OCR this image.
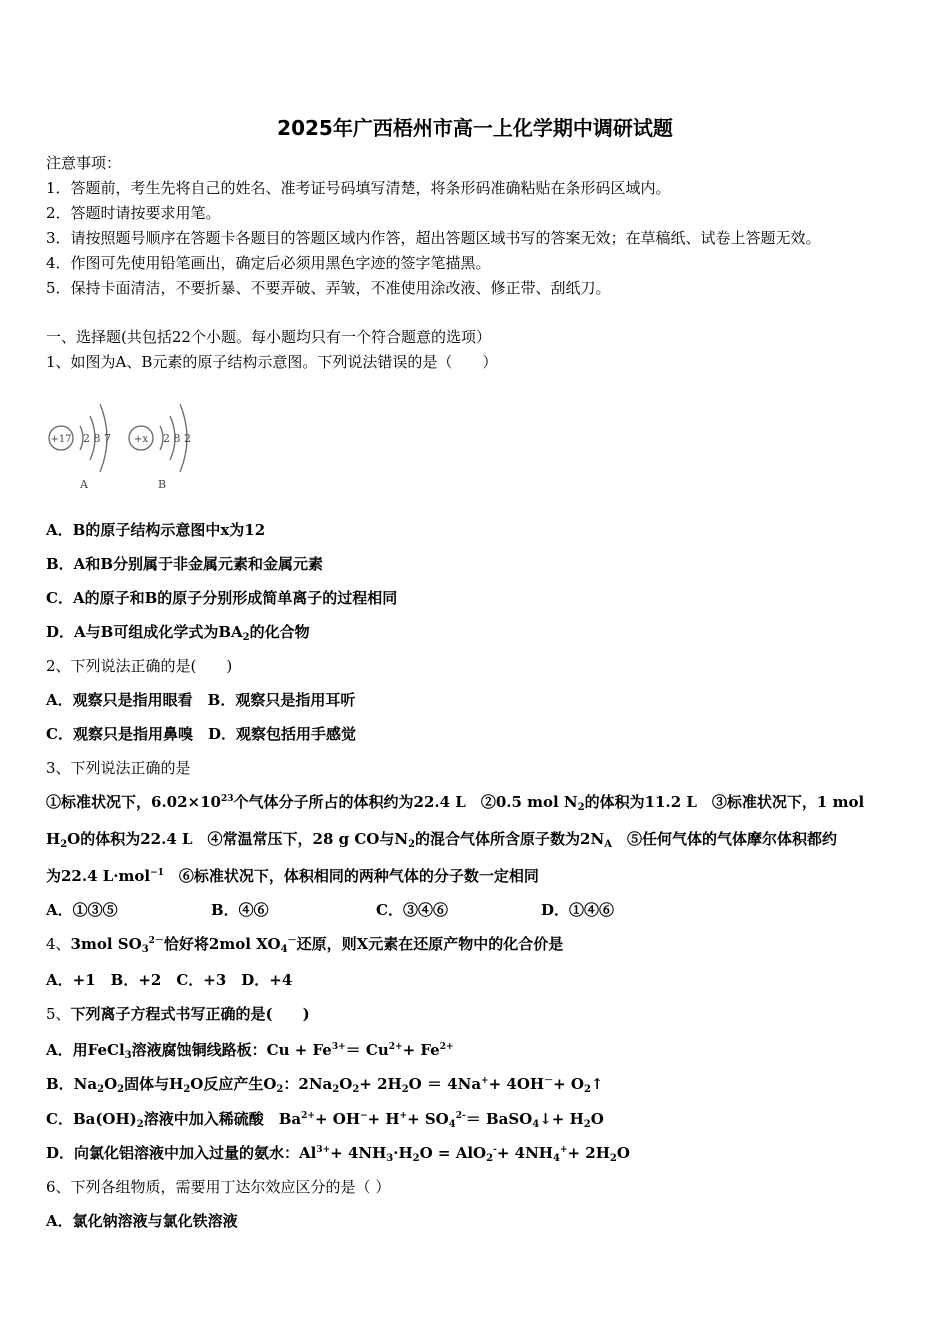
2025年广西梧州市高一上化学期中调研试题
注意事项：
1．答题前，考生先将自己的姓名、准考证号码填写清楚，将条形码准确粘贴在条形码区域内。
2．答题时请按要求用笔。
3．请按照题号顺序在答题卡各题目的答题区域内作答，超出答题区域书写的答案无效；在草稿纸、试卷上答题无效。
4．作图可先使用铅笔画出，确定后必须用黑色字迹的签字笔描黑。
5．保持卡面清洁，不要折暴、不要弄破、弄皱，不准使用涂改液、修正带、刮纸刀。
一、选择题(共包括22个小题。每小题均只有一个符合题意的选项）
1、如图为A、B元素的原子结构示意图。下列说法错误的是（　　）
+17 2 8 7
A
+x 2 8 2
B
A．B的原子结构示意图中x为12
B．A和B分别属于非金属元素和金属元素
C．A的原子和B的原子分别形成简单离子的过程相同
D．A与B可组成化学式为$BA_2$的化合物
2、下列说法正确的是(　　)
A．观察只是指用眼看　B．观察只是指用耳听
C．观察只是指用鼻嗅　D．观察包括用手感觉
3、下列说法正确的是
①标准状况下，$6.02\times 10^{23}$个气体分子所占的体积约为22.4 L　②0.5 mol $N_2$的体积为11.2 L　③标准状况下，1 mol
$H_2O$的体积为22.4 L　④常温常压下，28 g CO与$N_2$的混合气体所含原子数为$2N_A$　⑤任何气体的气体摩尔体积都约
为22.4 L·mol$^{-1}$　⑥标准状况下，体积相同的两种气体的分子数一定相同
A．①③⑤	B．④⑥	C．③④⑥	D．①④⑥
4、3mol $SO_3^{2-}$恰好将2mol $XO_4^-$还原，则X元素在还原产物中的化合价是
A．+1　B．+2　C．+3　D．+4
5、下列离子方程式书写正确的是(　　)
A．用FeCl$_3$溶液腐蚀铜线路板：$Cu + Fe^{3+}= Cu^{2+}+ Fe^{2+}$
B．$Na_2O_2$固体与$H_2O$反应产生$O_2$：$2Na_2O_2+ 2H_2O = 4Na^++ 4OH^-+$ $O_2↑$
C．$Ba(OH)_2$溶液中加入稀硫酸　$Ba^{2+}+ OH^-+ H^++ SO_4^{2-}=$ BaSO$_4$↓+ $H_2O$
D．向氯化铝溶液中加入过量的氨水：$Al^{3+}+ 4NH_3\cdot H_2O = AlO_2^-+ 4NH_4^++ 2H_2O$
6、下列各组物质，需要用丁达尔效应区分的是（ ）
A．氯化钠溶液与氯化铁溶液
